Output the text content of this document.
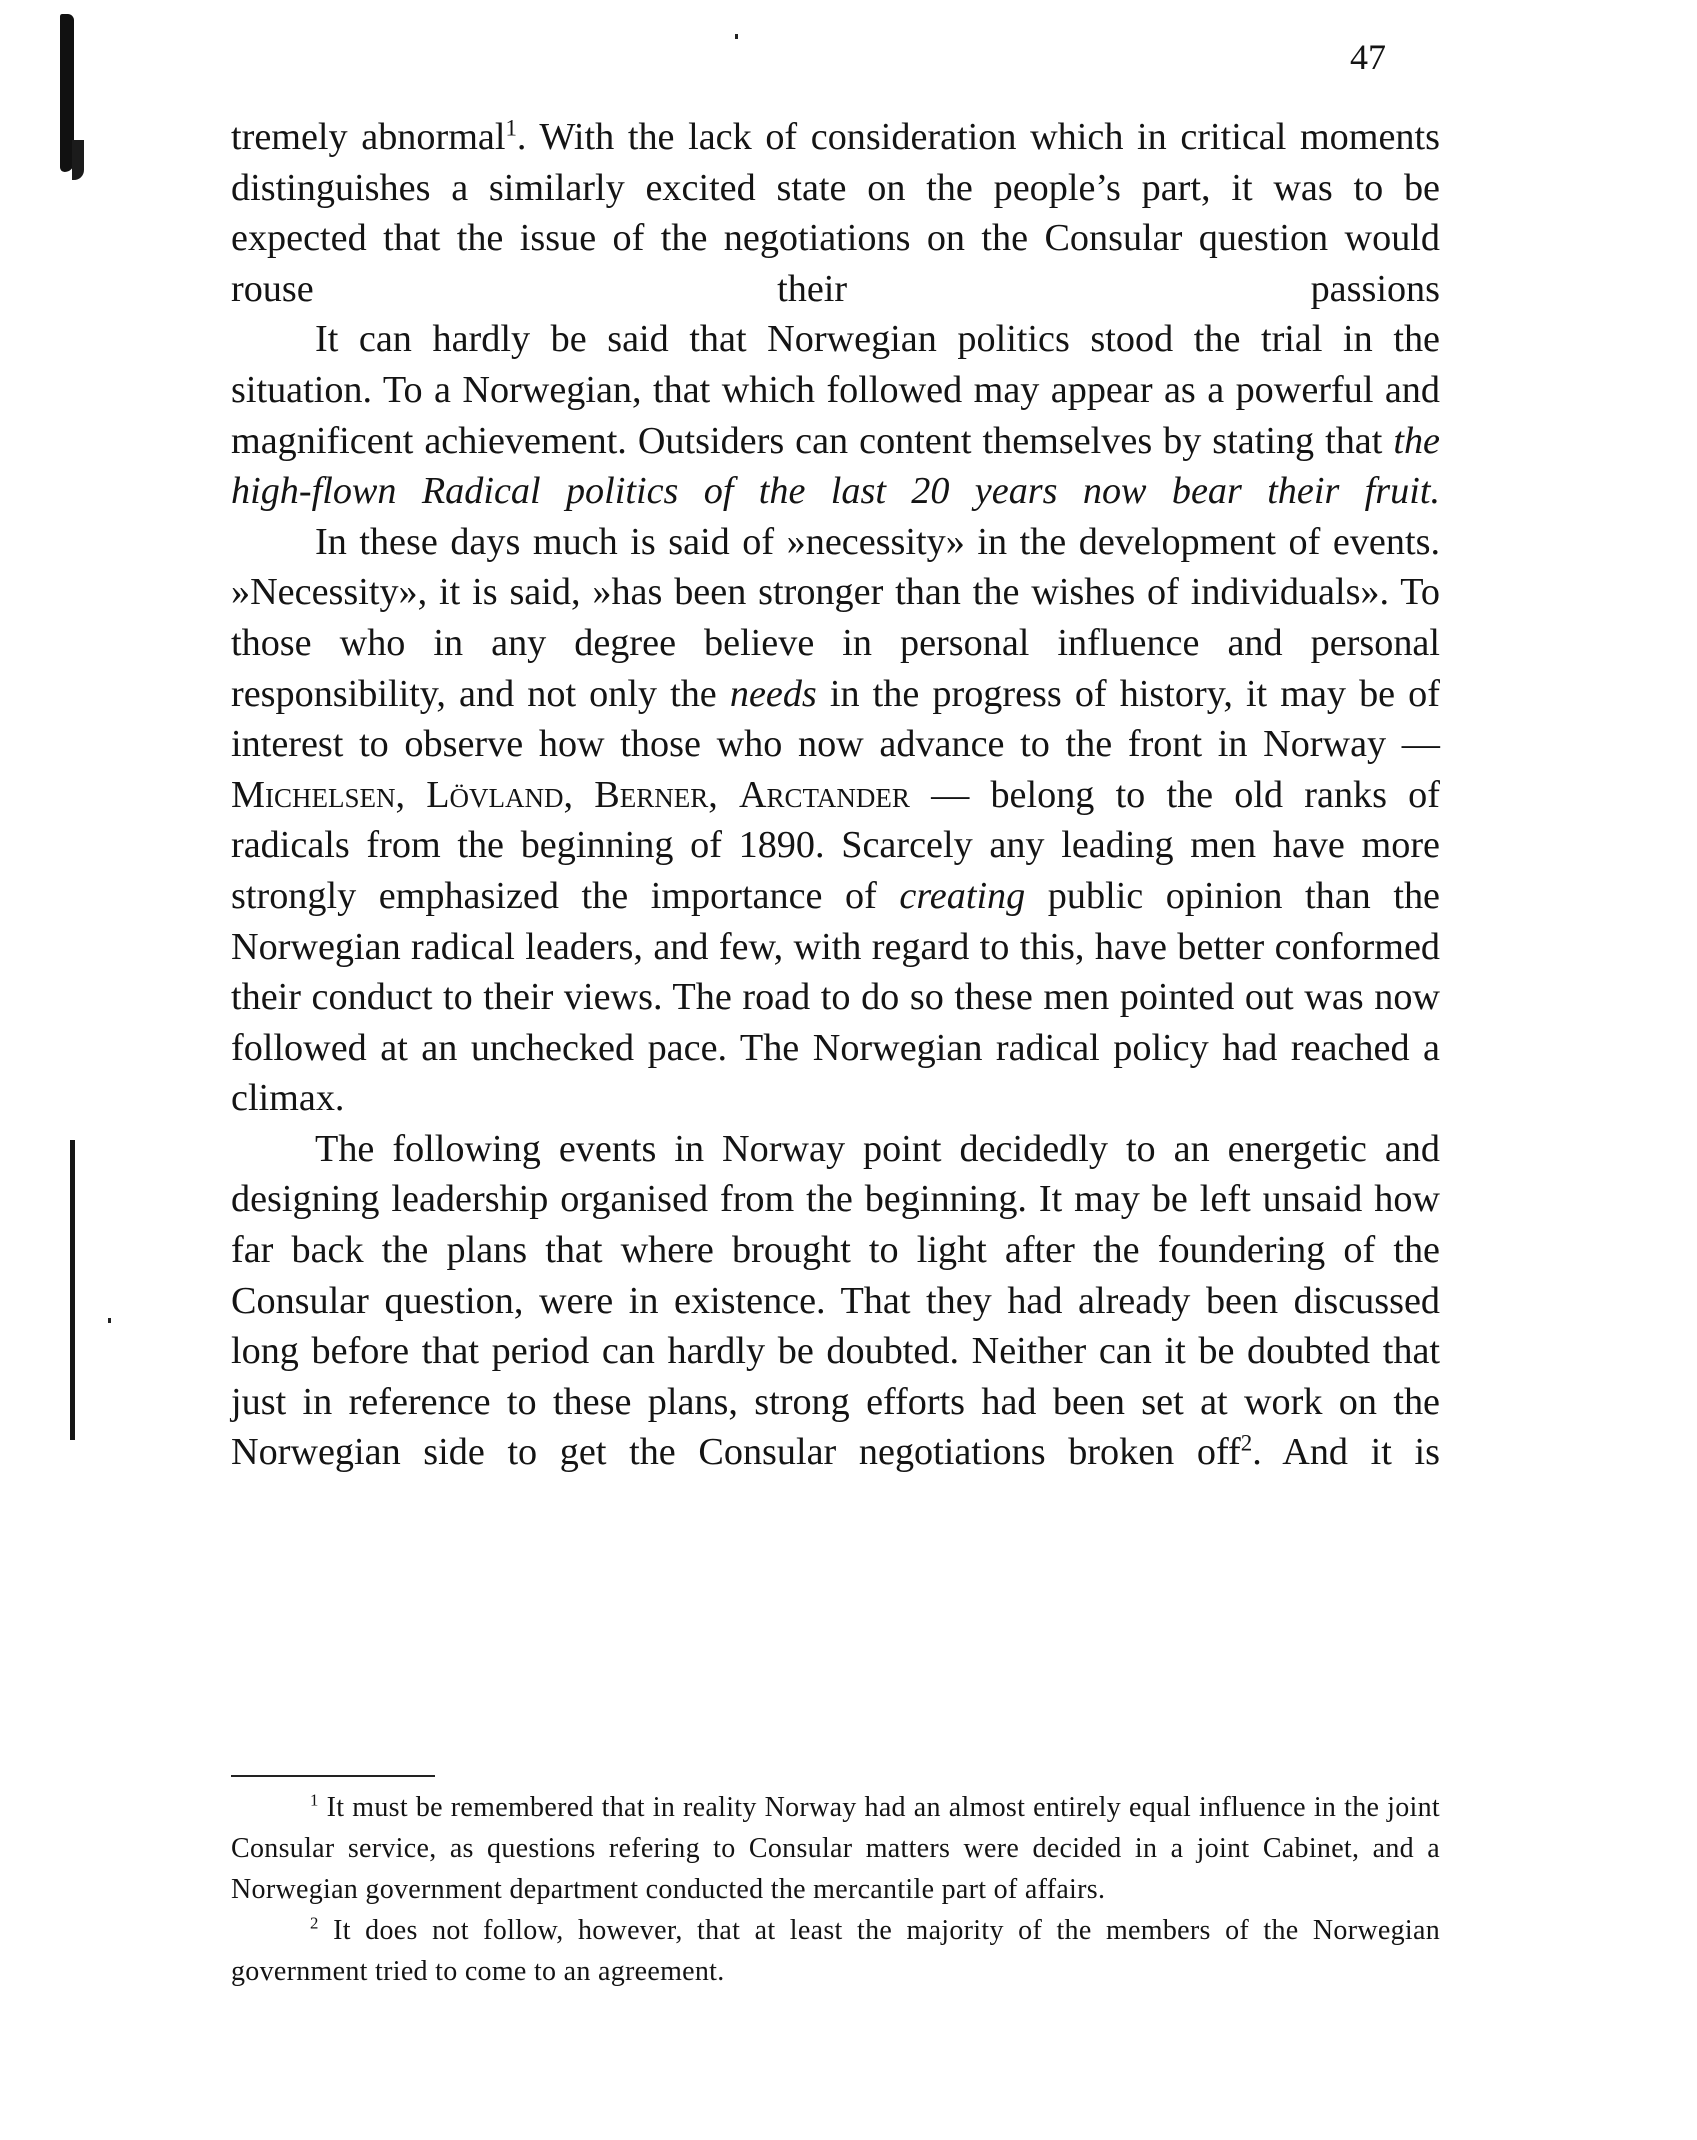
47

tremely abnormal$^1$. With the lack of consideration which in critical moments distinguishes a similarly excited state on the people’s part, it was to be expected that the issue of the negotiations on the Consular question would rouse their passions

It can hardly be said that Norwegian politics stood the trial in the situation. To a Norwegian, that which followed may appear as a powerful and magnificent achievement. Outsiders can content themselves by stating that the high-flown Radical politics of the last 20 years now bear their fruit.

In these days much is said of »necessity» in the development of events. »Necessity», it is said, »has been stronger than the wishes of individuals». To those who in any degree believe in personal influence and personal responsibility, and not only the needs in the progress of history, it may be of interest to observe how those who now advance to the front in Norway — Michelsen, Lövland, Berner, Arctander — belong to the old ranks of radicals from the beginning of 1890. Scarcely any leading men have more strongly emphasized the importance of creating public opinion than the Norwegian radical leaders, and few, with regard to this, have better conformed their conduct to their views. The road to do so these men pointed out was now followed at an unchecked pace. The Norwegian radical policy had reached a climax.

The following events in Norway point decidedly to an energetic and designing leadership organised from the beginning. It may be left unsaid how far back the plans that where brought to light after the foundering of the Consular question, were in existence. That they had already been discussed long before that period can hardly be doubted. Neither can it be doubted that just in reference to these plans, strong efforts had been set at work on the Norwegian side to get the Consular negotiations broken off$^2$. And it is

$^1$ It must be remembered that in reality Norway had an almost entirely equal influence in the joint Consular service, as questions refering to Consular matters were decided in a joint Cabinet, and a Norwegian government department conducted the mercantile part of affairs.

$^2$ It does not follow, however, that at least the majority of the members of the Norwegian government tried to come to an agreement.
